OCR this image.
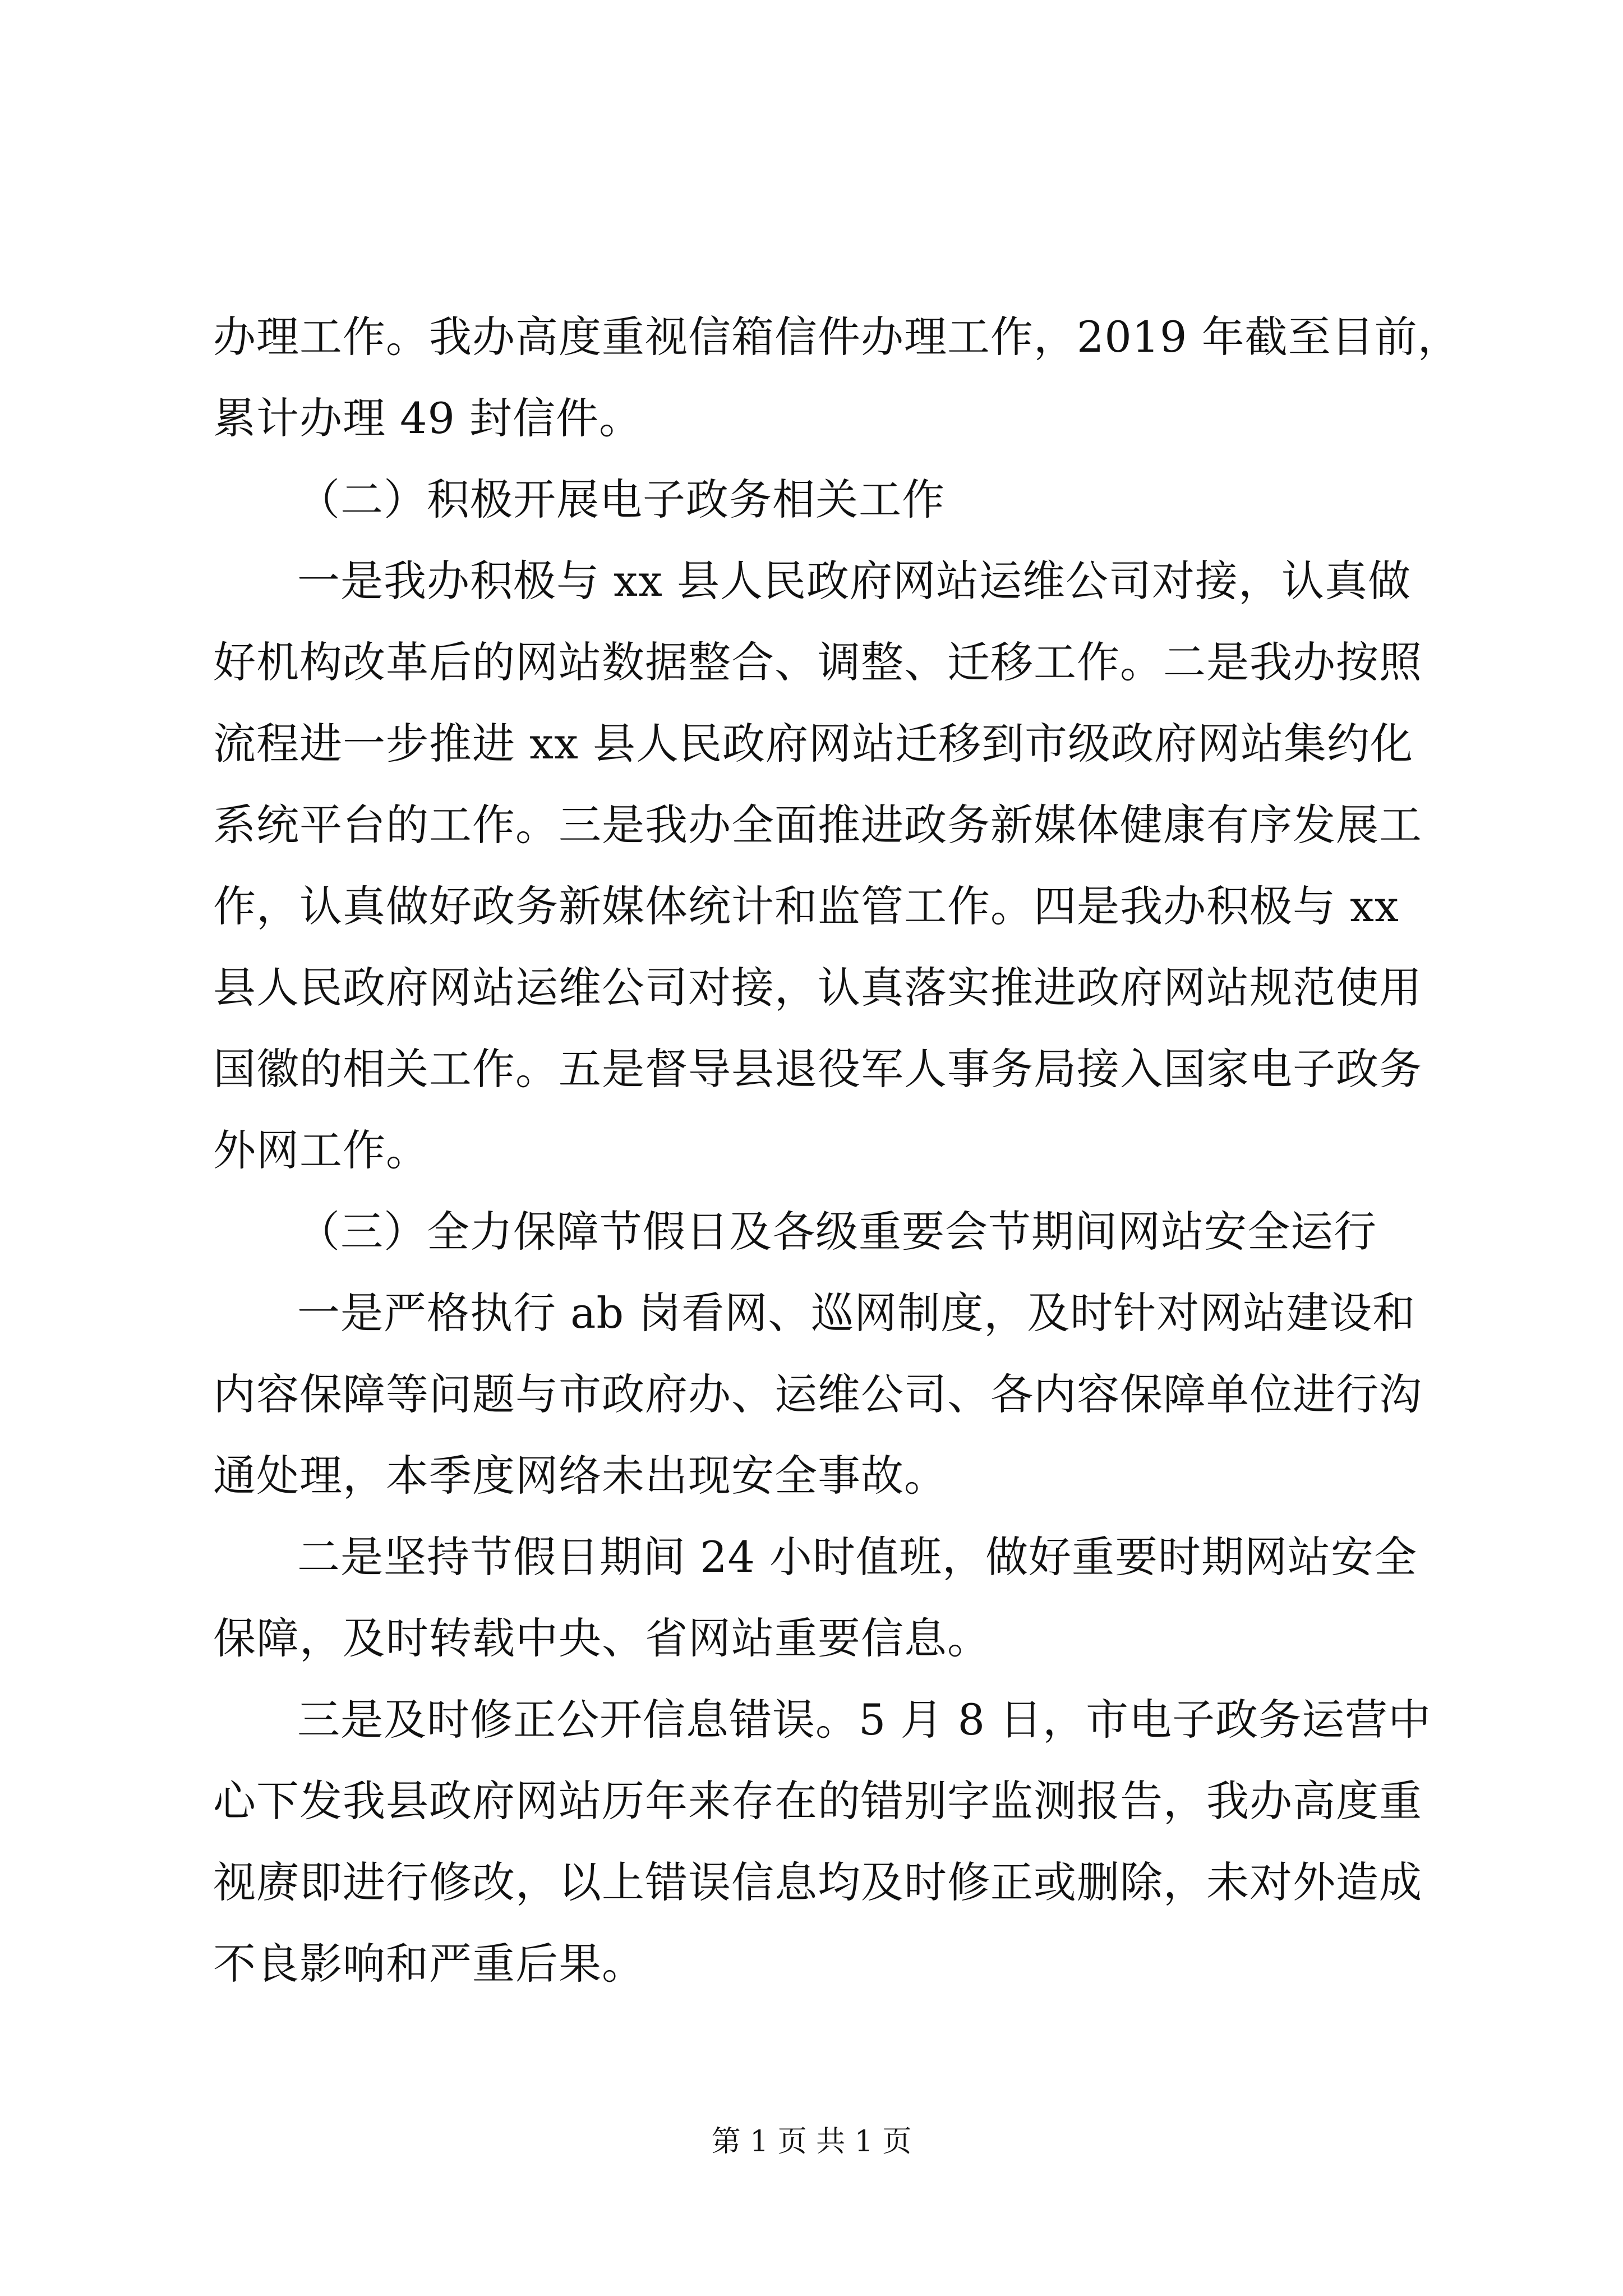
办理工作。我办高度重视信箱信件办理工作，2019 年截至目前，
累计办理 49 封信件。
（二）积极开展电子政务相关工作
一是我办积极与 xx 县人民政府网站运维公司对接，认真做
好机构改革后的网站数据整合、调整、迁移工作。二是我办按照
流程进一步推进 xx 县人民政府网站迁移到市级政府网站集约化
系统平台的工作。三是我办全面推进政务新媒体健康有序发展工
作，认真做好政务新媒体统计和监管工作。四是我办积极与 xx
县人民政府网站运维公司对接，认真落实推进政府网站规范使用
国徽的相关工作。五是督导县退役军人事务局接入国家电子政务
外网工作。
（三）全力保障节假日及各级重要会节期间网站安全运行
一是严格执行 ab 岗看网、巡网制度，及时针对网站建设和
内容保障等问题与市政府办、运维公司、各内容保障单位进行沟
通处理，本季度网络未出现安全事故。
二是坚持节假日期间 24 小时值班，做好重要时期网站安全
保障，及时转载中央、省网站重要信息。
三是及时修正公开信息错误。5 月 8 日，市电子政务运营中
心下发我县政府网站历年来存在的错别字监测报告，我办高度重
视赓即进行修改，以上错误信息均及时修正或删除，未对外造成
不良影响和严重后果。
第 1 页 共 1 页
